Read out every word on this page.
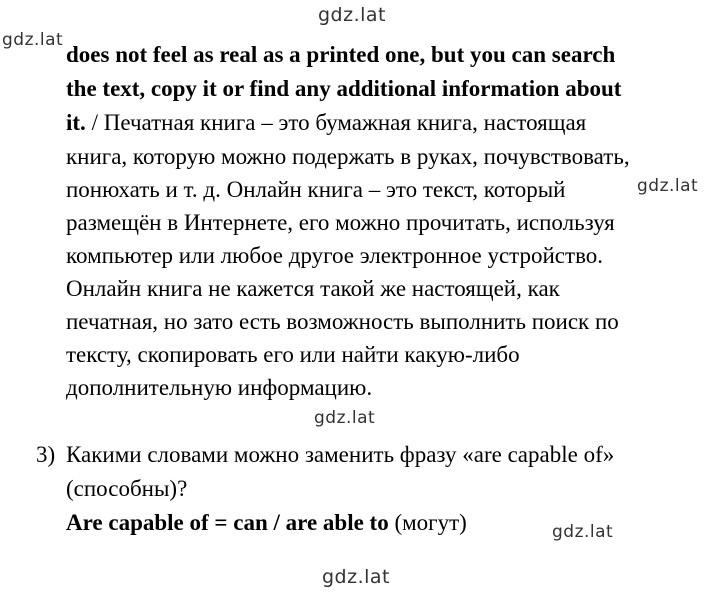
gdz.lat
gdz.lat
gdz.lat
gdz.lat
gdz.lat
gdz.lat
does not feel as real as a printed one, but you can search
the text, copy it or find any additional information about
it. / Печатная книга – это бумажная книга, настоящая
книга, которую можно подержать в руках, почувствовать,
понюхать и т. д. Онлайн книга – это текст, который
размещён в Интернете, его можно прочитать, используя
компьютер или любое другое электронное устройство.
Онлайн книга не кажется такой же настоящей, как
печатная, но зато есть возможность выполнить поиск по
тексту, скопировать его или найти какую-либо
дополнительную информацию.
3) Какими словами можно заменить фразу «are capable of»
(способны)?
Are capable of = can / are able to (могут)
